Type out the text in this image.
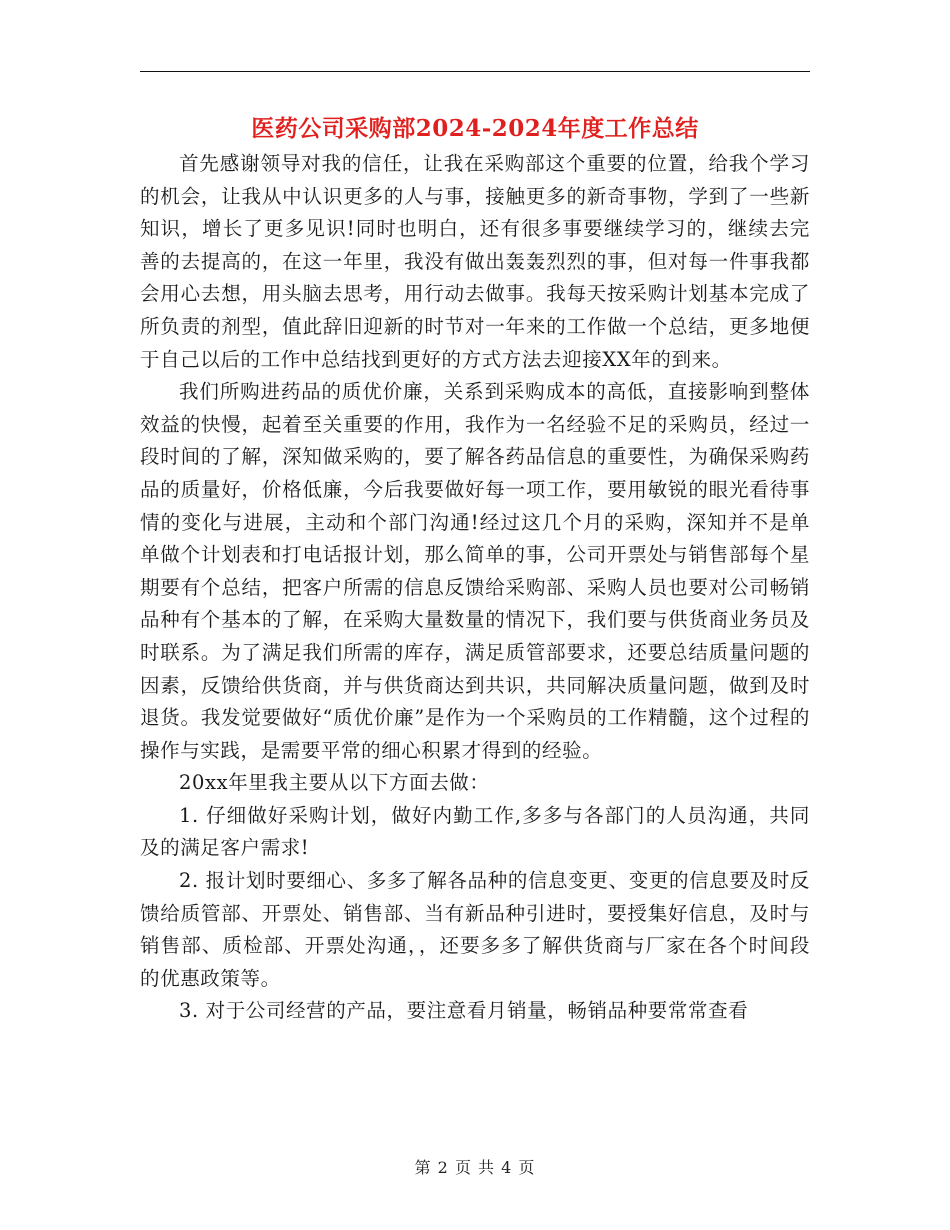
医药公司采购部2024-2024年度工作总结

首先感谢领导对我的信任，让我在采购部这个重要的位置，给我个学习的机会，让我从中认识更多的人与事，接触更多的新奇事物，学到了一些新知识，增长了更多见识!同时也明白，还有很多事要继续学习的，继续去完善的去提高的，在这一年里，我没有做出轰轰烈烈的事，但对每一件事我都会用心去想，用头脑去思考，用行动去做事。我每天按采购计划基本完成了所负责的剂型，值此辞旧迎新的时节对一年来的工作做一个总结，更多地便于自己以后的工作中总结找到更好的方式方法去迎接XX年的到来。

我们所购进药品的质优价廉，关系到采购成本的高低，直接影响到整体效益的快慢，起着至关重要的作用，我作为一名经验不足的采购员，经过一段时间的了解，深知做采购的，要了解各药品信息的重要性，为确保采购药品的质量好，价格低廉，今后我要做好每一项工作，要用敏锐的眼光看待事情的变化与进展，主动和个部门沟通!经过这几个月的采购，深知并不是单单做个计划表和打电话报计划，那么简单的事，公司开票处与销售部每个星期要有个总结，把客户所需的信息反馈给采购部、采购人员也要对公司畅销品种有个基本的了解，在采购大量数量的情况下，我们要与供货商业务员及时联系。为了满足我们所需的库存，满足质管部要求，还要总结质量问题的因素，反馈给供货商，并与供货商达到共识，共同解决质量问题，做到及时退货。我发觉要做好“质优价廉”是作为一个采购员的工作精髓，这个过程的操作与实践，是需要平常的细心积累才得到的经验。

20xx年里我主要从以下方面去做：

1. 仔细做好采购计划，做好内勤工作,多多与各部门的人员沟通，共同及的满足客户需求!

2. 报计划时要细心、多多了解各品种的信息变更、变更的信息要及时反馈给质管部、开票处、销售部、当有新品种引进时，要授集好信息，及时与销售部、质检部、开票处沟通，，还要多多了解供货商与厂家在各个时间段的优惠政策等。

3. 对于公司经营的产品，要注意看月销量，畅销品种要常常查看

第 2 页 共 4 页
